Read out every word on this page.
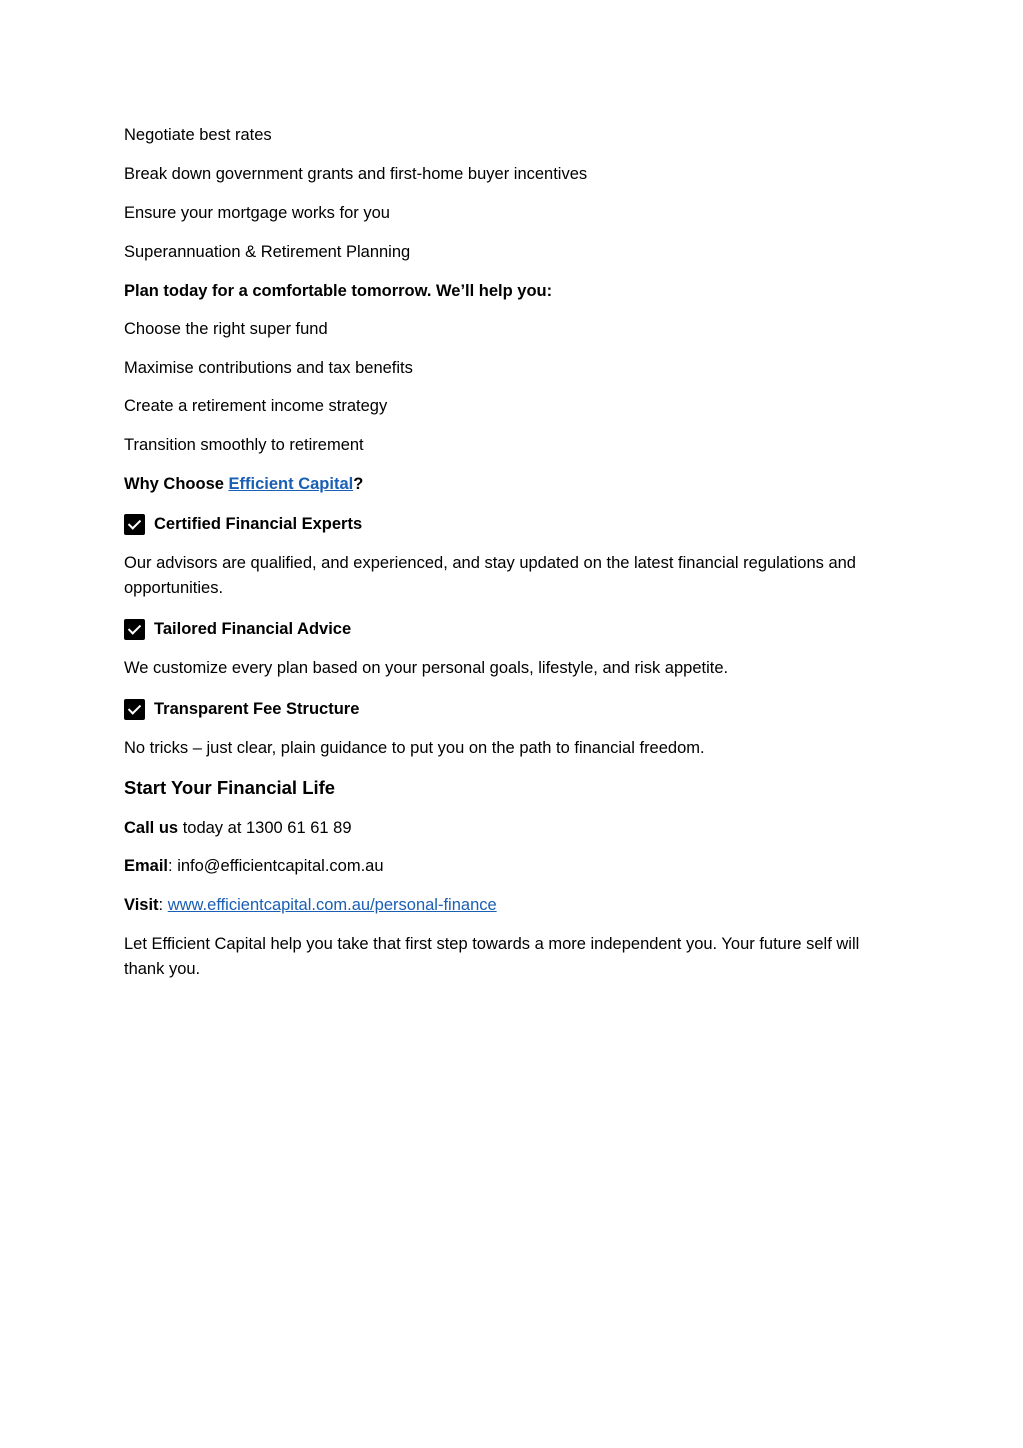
Negotiate best rates
Break down government grants and first-home buyer incentives
Ensure your mortgage works for you
Superannuation & Retirement Planning
Plan today for a comfortable tomorrow. We’ll help you:
Choose the right super fund
Maximise contributions and tax benefits
Create a retirement income strategy
Transition smoothly to retirement
Why Choose Efficient Capital?
Certified Financial Experts
Our advisors are qualified, and experienced, and stay updated on the latest financial regulations and opportunities.
Tailored Financial Advice
We customize every plan based on your personal goals, lifestyle, and risk appetite.
Transparent Fee Structure
No tricks – just clear, plain guidance to put you on the path to financial freedom.
Start Your Financial Life
Call us today at 1300 61 61 89
Email: info@efficientcapital.com.au
Visit: www.efficientcapital.com.au/personal-finance
Let Efficient Capital help you take that first step towards a more independent you. Your future self will thank you.
